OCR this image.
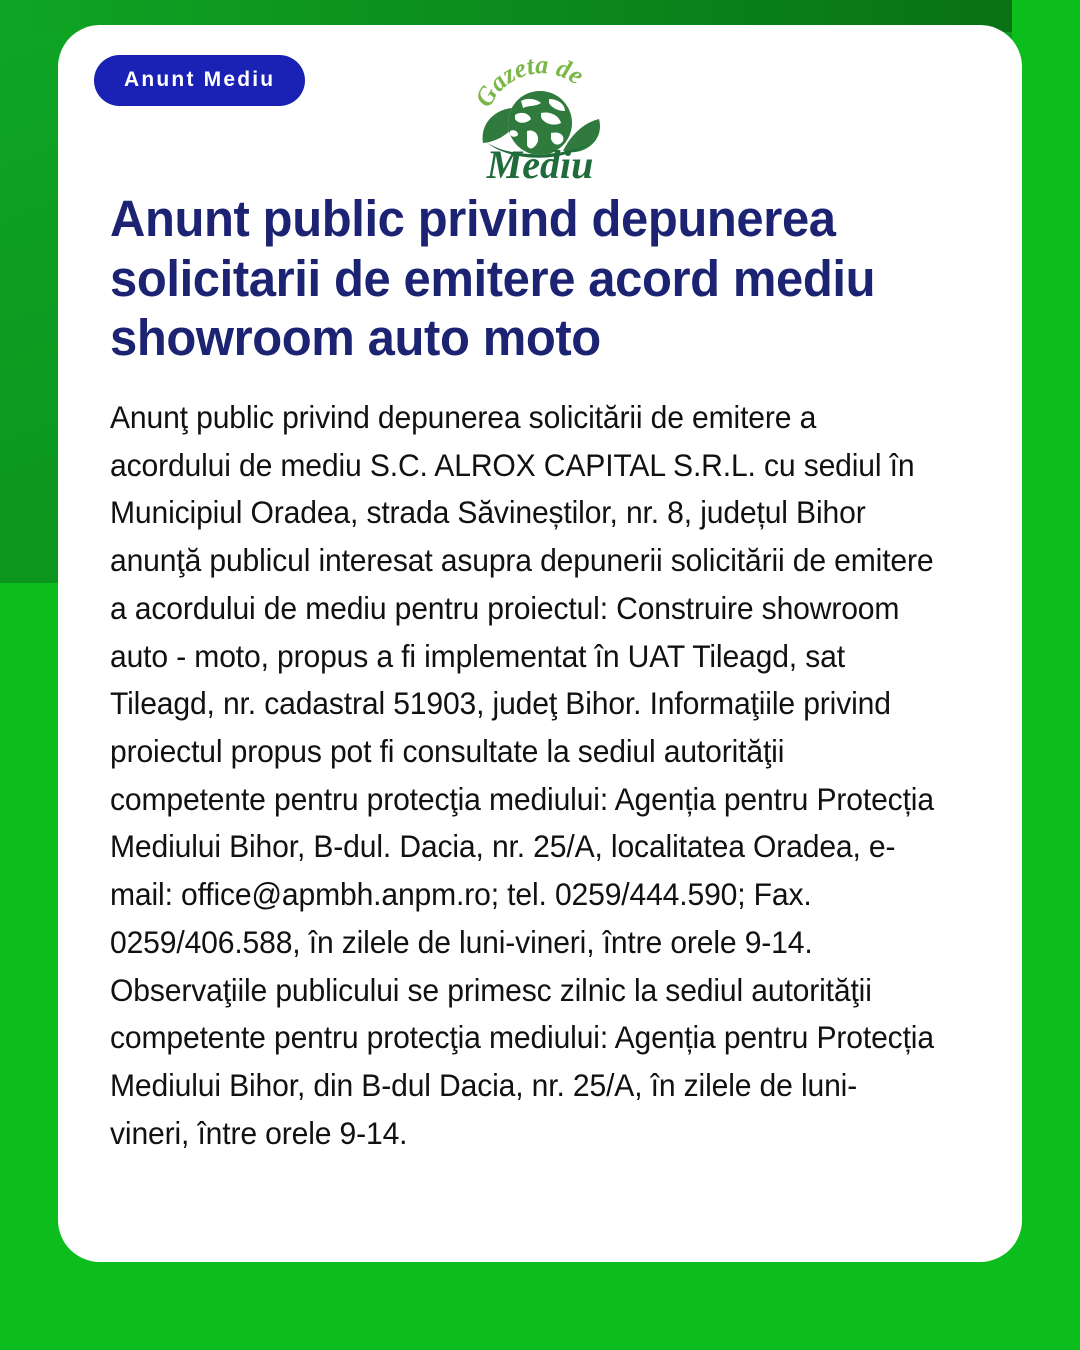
Anunt Mediu
Gazeta de
Mediu
Anunt public privind depunerea solicitarii de emitere acord mediu showroom auto moto

Anunţ public privind depunerea solicitării de emitere a acordului de mediu S.C. ALROX CAPITAL S.R.L. cu sediul în Municipiul Oradea, strada Săvineștilor, nr. 8, județul Bihor anunţă publicul interesat asupra depunerii solicitării de emitere a acordului de mediu pentru proiectul: Construire showroom auto - moto, propus a fi implementat în UAT Tileagd, sat Tileagd, nr. cadastral 51903, judeţ Bihor. Informaţiile privind proiectul propus pot fi consultate la sediul autorităţii competente pentru protecţia mediului: Agenția pentru Protecția Mediului Bihor, B-dul. Dacia, nr. 25/A, localitatea Oradea, e-mail: office@apmbh.anpm.ro; tel. 0259/444.590; Fax. 0259/406.588, în zilele de luni-vineri, între orele 9-14. Observaţiile publicului se primesc zilnic la sediul autorităţii competente pentru protecţia mediului: Agenția pentru Protecția Mediului Bihor, din B-dul Dacia, nr. 25/A, în zilele de luni-vineri, între orele 9-14.
